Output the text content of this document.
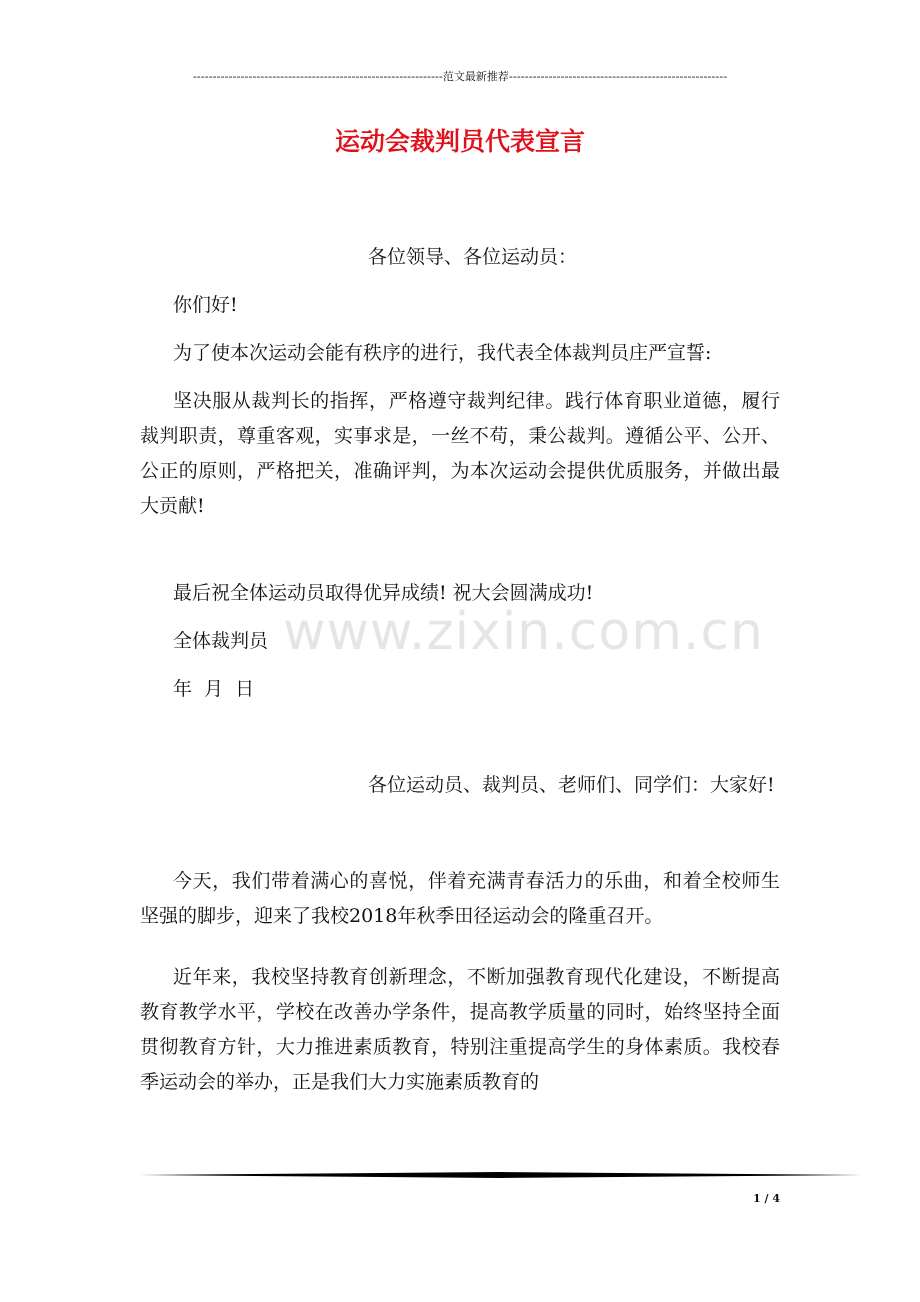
---------------------------------------------------------------范文最新推荐-------------------------------------------------------
运动会裁判员代表宣言
各位领导、各位运动员：
你们好!
为了使本次运动会能有秩序的进行，我代表全体裁判员庄严宣誓:
坚决服从裁判长的指挥，严格遵守裁判纪律。践行体育职业道德，履行裁判职责，尊重客观，实事求是，一丝不苟，秉公裁判。遵循公平、公开、公正的原则，严格把关，准确评判，为本次运动会提供优质服务，并做出最大贡献!
最后祝全体运动员取得优异成绩! 祝大会圆满成功!
全体裁判员
年  月  日
各位运动员、裁判员、老师们、同学们：大家好!
今天，我们带着满心的喜悦，伴着充满青春活力的乐曲，和着全校师生坚强的脚步，迎来了我校2018年秋季田径运动会的隆重召开。
近年来，我校坚持教育创新理念，不断加强教育现代化建设，不断提高教育教学水平，学校在改善办学条件，提高教学质量的同时，始终坚持全面贯彻教育方针，大力推进素质教育，特别注重提高学生的身体素质。我校春季运动会的举办，正是我们大力实施素质教育的
www.zixin.com.cn
1 / 4
